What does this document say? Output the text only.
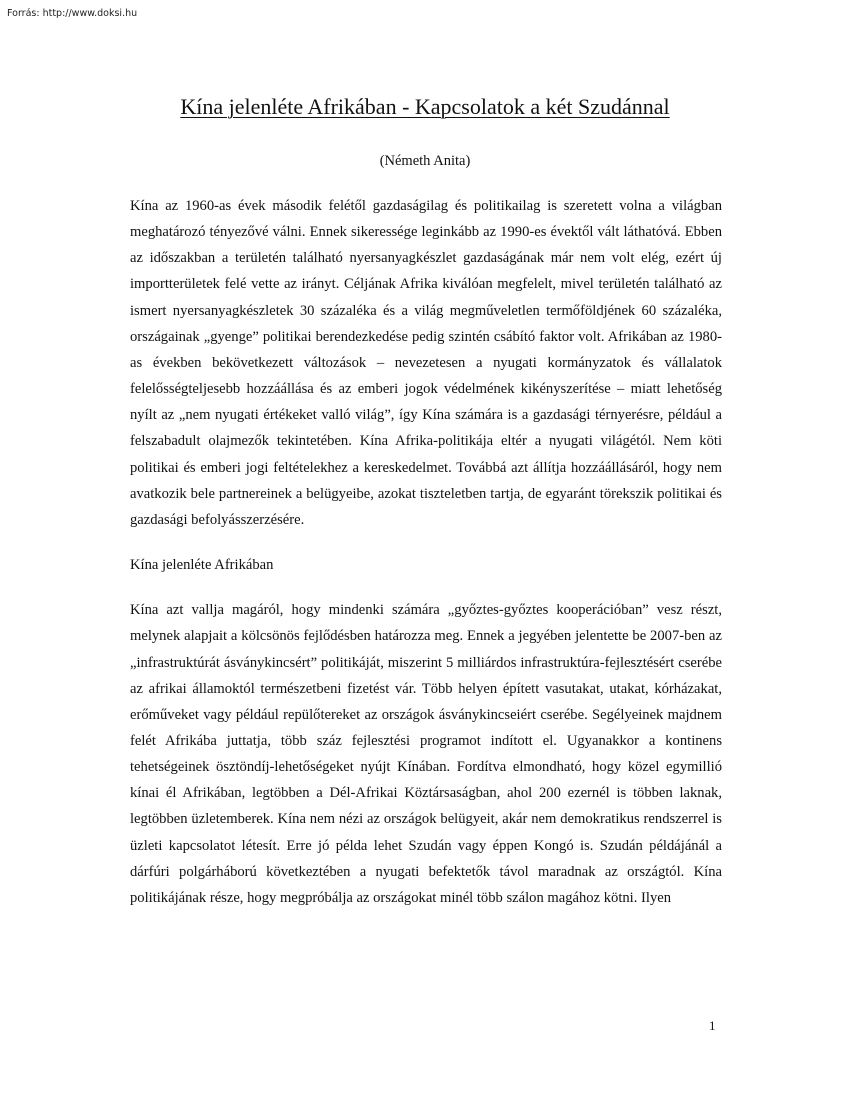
Forrás: http://www.doksi.hu
Kína jelenléte Afrikában - Kapcsolatok a két Szudánnal
(Németh Anita)

Kína az 1960-as évek második felétől gazdaságilag és politikailag is szeretett volna a világban meghatározó tényezővé válni. Ennek sikeressége leginkább az 1990-es évektől vált láthatóvá. Ebben az időszakban a területén található nyersanyagkészlet gazdaságának már nem volt elég, ezért új importterületek felé vette az irányt. Céljának Afrika kiválóan megfelelt, mivel területén található az ismert nyersanyagkészletek 30 százaléka és a világ megműveletlen termőföldjének 60 százaléka, országainak „gyenge” politikai berendezkedése pedig szintén csábító faktor volt. Afrikában az 1980-as években bekövetkezett változások – nevezetesen a nyugati kormányzatok és vállalatok felelősségteljesebb hozzáállása és az emberi jogok védelmének kikényszerítése – miatt lehetőség nyílt az „nem nyugati értékeket valló világ”, így Kína számára is a gazdasági térnyerésre, például a felszabadult olajmezők tekintetében. Kína Afrika-politikája eltér a nyugati világétól. Nem köti politikai és emberi jogi feltételekhez a kereskedelmet. Továbbá azt állítja hozzáállásáról, hogy nem avatkozik bele partnereinek a belügyeibe, azokat tiszteletben tartja, de egyaránt törekszik politikai és gazdasági befolyásszerzésére.

Kína jelenléte Afrikában

Kína azt vallja magáról, hogy mindenki számára „győztes-győztes kooperációban” vesz részt, melynek alapjait a kölcsönös fejlődésben határozza meg. Ennek a jegyében jelentette be 2007-ben az „infrastruktúrát ásványkincsért” politikáját, miszerint 5 milliárdos infrastruktúra-fejlesztésért cserébe az afrikai államoktól természetbeni fizetést vár. Több helyen épített vasutakat, utakat, kórházakat, erőműveket vagy például repülőtereket az országok ásványkincseiért cserébe. Segélyeinek majdnem felét Afrikába juttatja, több száz fejlesztési programot indított el. Ugyanakkor a kontinens tehetségeinek ösztöndíj-lehetőségeket nyújt Kínában. Fordítva elmondható, hogy közel egymillió kínai él Afrikában, legtöbben a Dél-Afrikai Köztársaságban, ahol 200 ezernél is többen laknak, legtöbben üzletemberek. Kína nem nézi az országok belügyeit, akár nem demokratikus rendszerrel is üzleti kapcsolatot létesít. Erre jó példa lehet Szudán vagy éppen Kongó is. Szudán példájánál a dárfúri polgárháború következtében a nyugati befektetők távol maradnak az országtól. Kína politikájának része, hogy megpróbálja az országokat minél több szálon magához kötni. Ilyen

1
